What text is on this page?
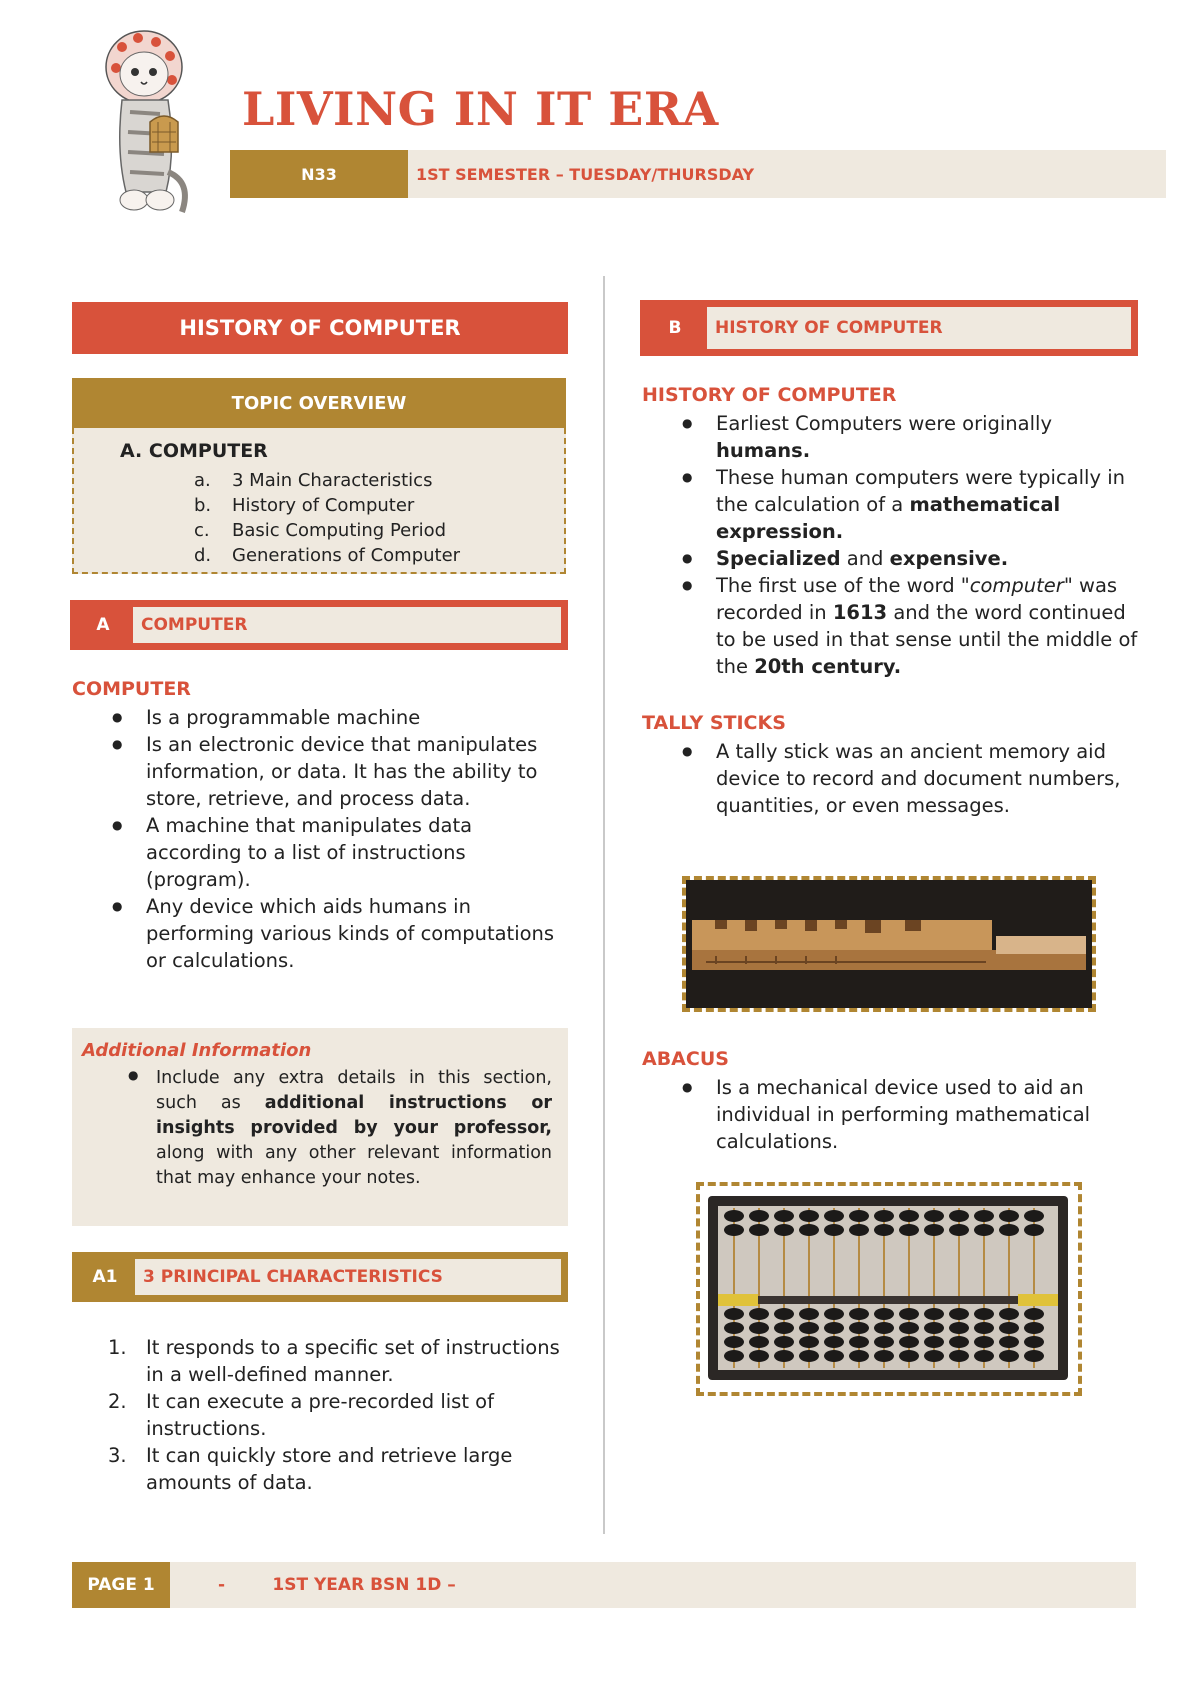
LIVING IN IT ERA
N33	1ST SEMESTER – TUESDAY/THURSDAY
HISTORY OF COMPUTER
TOPIC OVERVIEW
A. COMPUTER
a. 3 Main Characteristics
b. History of Computer
c. Basic Computing Period
d. Generations of Computer
A	COMPUTER
COMPUTER
● Is a programmable machine
● Is an electronic device that manipulates information, or data. It has the ability to store, retrieve, and process data.
● A machine that manipulates data according to a list of instructions (program).
● Any device which aids humans in performing various kinds of computations or calculations.
Additional Information
● Include any extra details in this section, such as additional instructions or insights provided by your professor, along with any other relevant information that may enhance your notes.
A1	3 PRINCIPAL CHARACTERISTICS
1. It responds to a specific set of instructions in a well-defined manner.
2. It can execute a pre-recorded list of instructions.
3. It can quickly store and retrieve large amounts of data.
B	HISTORY OF COMPUTER
HISTORY OF COMPUTER
● Earliest Computers were originally humans.
● These human computers were typically in the calculation of a mathematical expression.
● Specialized and expensive.
● The first use of the word "computer" was recorded in 1613 and the word continued to be used in that sense until the middle of the 20th century.
TALLY STICKS
● A tally stick was an ancient memory aid device to record and document numbers, quantities, or even messages.
ABACUS
● Is a mechanical device used to aid an individual in performing mathematical calculations.
PAGE 1	-        1ST YEAR BSN 1D –
